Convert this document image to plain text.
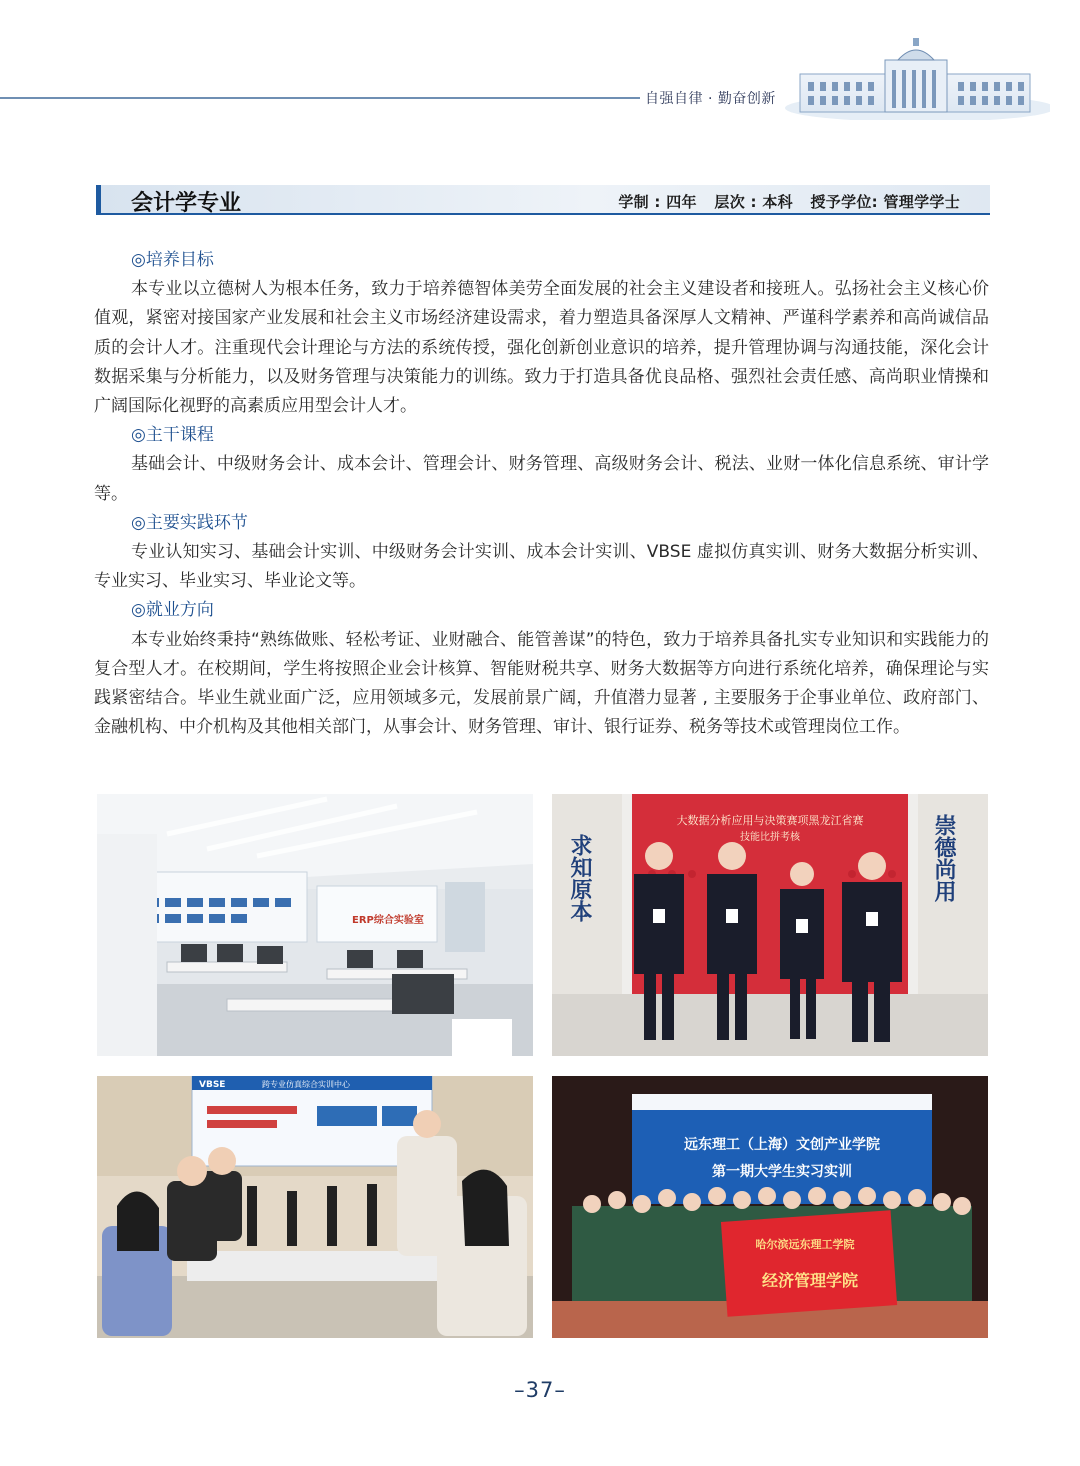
自强自律 · 勤奋创新
会计学专业	学制 : 四年 层次 : 本科 授予学位: 管理学学士

◎培养目标

本专业以立德树人为根本任务，致力于培养德智体美劳全面发展的社会主义建设者和接班人。弘扬社会主义核心价值观，紧密对接国家产业发展和社会主义市场经济建设需求，着力塑造具备深厚人文精神、严谨科学素养和高尚诚信品质的会计人才。注重现代会计理论与方法的系统传授，强化创新创业意识的培养，提升管理协调与沟通技能，深化会计数据采集与分析能力，以及财务管理与决策能力的训练。致力于打造具备优良品格、强烈社会责任感、高尚职业情操和广阔国际化视野的高素质应用型会计人才。

◎主干课程

基础会计、中级财务会计、成本会计、管理会计、财务管理、高级财务会计、税法、业财一体化信息系统、审计学等。

◎主要实践环节

专业认知实习、基础会计实训、中级财务会计实训、成本会计实训、VBSE 虚拟仿真实训、财务大数据分析实训、专业实习、毕业实习、毕业论文等。

◎就业方向

本专业始终秉持“熟练做账、轻松考证、业财融合、能管善谋”的特色，致力于培养具备扎实专业知识和实践能力的复合型人才。在校期间，学生将按照企业会计核算、智能财税共享、财务大数据等方向进行系统化培养，确保理论与实践紧密结合。毕业生就业面广泛，应用领域多元，发展前景广阔，升值潜力显著 , 主要服务于企事业单位、政府部门、金融机构、中介机构及其他相关部门，从事会计、财务管理、审计、银行证券、税务等技术或管理岗位工作。

ERP综合实验室	求知原本	崇德尚用
大数据分析应用与决策赛项黑龙江省赛
技能比拼考核
VBSE	跨专业仿真综合实训中心
远东理工（上海）文创产业学院
第一期大学生实习实训
哈尔滨远东理工学院
经济管理学院
–37–
